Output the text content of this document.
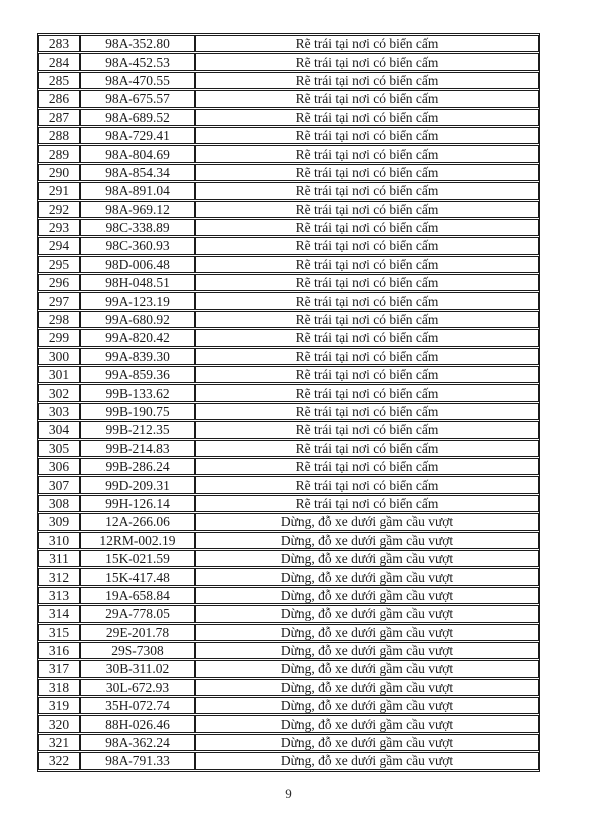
283	98A-352.80	Rẽ trái tại nơi có biển cấm
284	98A-452.53	Rẽ trái tại nơi có biển cấm
285	98A-470.55	Rẽ trái tại nơi có biển cấm
286	98A-675.57	Rẽ trái tại nơi có biển cấm
287	98A-689.52	Rẽ trái tại nơi có biển cấm
288	98A-729.41	Rẽ trái tại nơi có biển cấm
289	98A-804.69	Rẽ trái tại nơi có biển cấm
290	98A-854.34	Rẽ trái tại nơi có biển cấm
291	98A-891.04	Rẽ trái tại nơi có biển cấm
292	98A-969.12	Rẽ trái tại nơi có biển cấm
293	98C-338.89	Rẽ trái tại nơi có biển cấm
294	98C-360.93	Rẽ trái tại nơi có biển cấm
295	98D-006.48	Rẽ trái tại nơi có biển cấm
296	98H-048.51	Rẽ trái tại nơi có biển cấm
297	99A-123.19	Rẽ trái tại nơi có biển cấm
298	99A-680.92	Rẽ trái tại nơi có biển cấm
299	99A-820.42	Rẽ trái tại nơi có biển cấm
300	99A-839.30	Rẽ trái tại nơi có biển cấm
301	99A-859.36	Rẽ trái tại nơi có biển cấm
302	99B-133.62	Rẽ trái tại nơi có biển cấm
303	99B-190.75	Rẽ trái tại nơi có biển cấm
304	99B-212.35	Rẽ trái tại nơi có biển cấm
305	99B-214.83	Rẽ trái tại nơi có biển cấm
306	99B-286.24	Rẽ trái tại nơi có biển cấm
307	99D-209.31	Rẽ trái tại nơi có biển cấm
308	99H-126.14	Rẽ trái tại nơi có biển cấm
309	12A-266.06	Dừng, đỗ xe dưới gầm cầu vượt
310	12RM-002.19	Dừng, đỗ xe dưới gầm cầu vượt
311	15K-021.59	Dừng, đỗ xe dưới gầm cầu vượt
312	15K-417.48	Dừng, đỗ xe dưới gầm cầu vượt
313	19A-658.84	Dừng, đỗ xe dưới gầm cầu vượt
314	29A-778.05	Dừng, đỗ xe dưới gầm cầu vượt
315	29E-201.78	Dừng, đỗ xe dưới gầm cầu vượt
316	29S-7308	Dừng, đỗ xe dưới gầm cầu vượt
317	30B-311.02	Dừng, đỗ xe dưới gầm cầu vượt
318	30L-672.93	Dừng, đỗ xe dưới gầm cầu vượt
319	35H-072.74	Dừng, đỗ xe dưới gầm cầu vượt
320	88H-026.46	Dừng, đỗ xe dưới gầm cầu vượt
321	98A-362.24	Dừng, đỗ xe dưới gầm cầu vượt
322	98A-791.33	Dừng, đỗ xe dưới gầm cầu vượt
9
